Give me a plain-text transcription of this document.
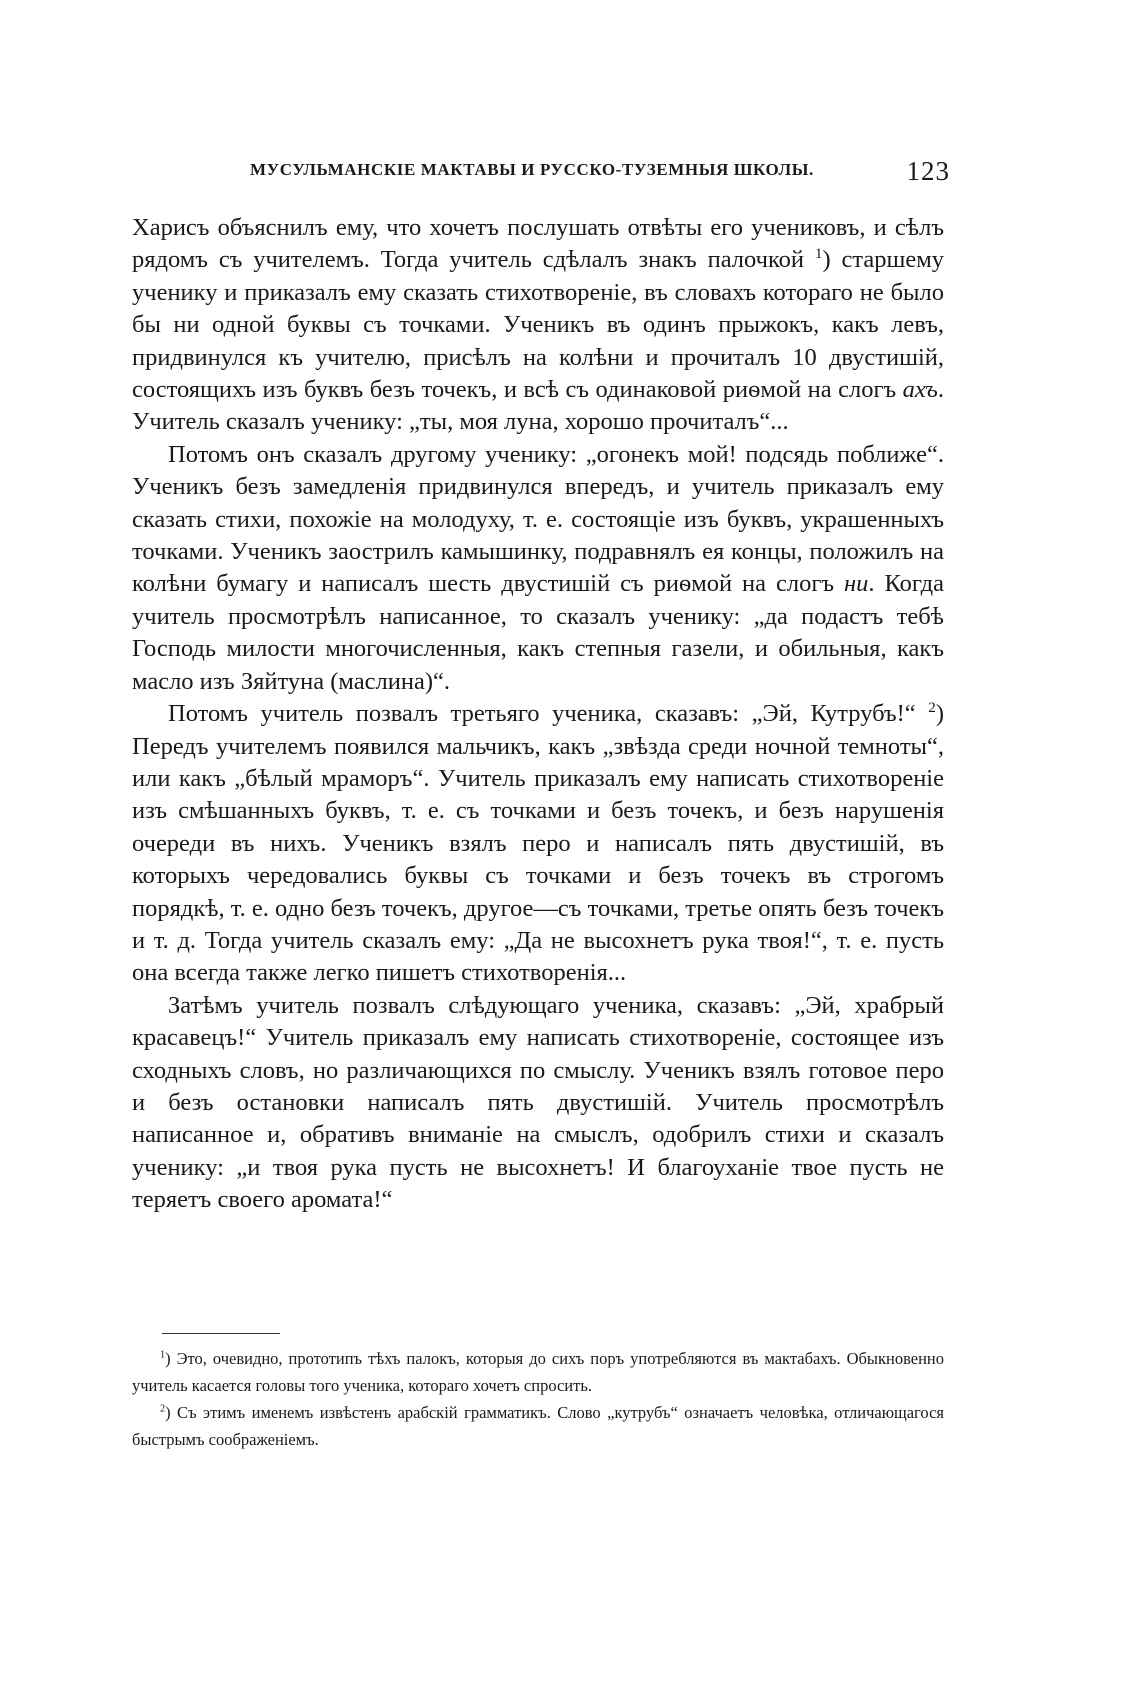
МУСУЛЬМАНСКІЕ МАКТАВЫ И РУССКО-ТУЗЕМНЫЯ ШКОЛЫ.	123

Харисъ объяснилъ ему, что хочетъ послушать отвѣты его учениковъ, и сѣлъ рядомъ съ учителемъ. Тогда учитель сдѣлалъ знакъ палочкой $^1$) старшему ученику и приказалъ ему сказать стихотвореніе, въ словахъ котораго не было бы ни одной буквы съ точками. Ученикъ въ одинъ прыжокъ, какъ левъ, придвинулся къ учителю, присѣлъ на колѣни и прочиталъ 10 двустишій, состоящихъ изъ буквъ безъ точекъ, и всѣ съ одинаковой риѳмой на слогъ ахъ. Учитель сказалъ ученику: „ты, моя луна, хорошо прочиталъ“...

Потомъ онъ сказалъ другому ученику: „огонекъ мой! подсядь поближе“. Ученикъ безъ замедленія придвинулся впередъ, и учитель приказалъ ему сказать стихи, похожіе на молодуху, т. е. состоящіе изъ буквъ, украшенныхъ точками. Ученикъ заострилъ камышинку, подравнялъ ея концы, положилъ на колѣни бумагу и написалъ шесть двустишій съ риѳмой на слогъ ни. Когда учитель просмотрѣлъ написанное, то сказалъ ученику: „да подастъ тебѣ Господь милости многочисленныя, какъ степныя газели, и обильныя, какъ масло изъ Зяйтуна (маслина)“.

Потомъ учитель позвалъ третьяго ученика, сказавъ: „Эй, Кутрубъ!“ $^2$) Передъ учителемъ появился мальчикъ, какъ „звѣзда среди ночной темноты“, или какъ „бѣлый мраморъ“. Учитель приказалъ ему написать стихотвореніе изъ смѣшанныхъ буквъ, т. е. съ точками и безъ точекъ, и безъ нарушенія очереди въ нихъ. Ученикъ взялъ перо и написалъ пять двустишій, въ которыхъ чередовались буквы съ точками и безъ точекъ въ строгомъ порядкѣ, т. е. одно безъ точекъ, другое—съ точками, третье опять безъ точекъ и т. д. Тогда учитель сказалъ ему: „Да не высохнетъ рука твоя!“, т. е. пусть она всегда также легко пишетъ стихотворенія...

Затѣмъ учитель позвалъ слѣдующаго ученика, сказавъ: „Эй, храбрый красавецъ!“ Учитель приказалъ ему написать стихотвореніе, состоящее изъ сходныхъ словъ, но различающихся по смыслу. Ученикъ взялъ готовое перо и безъ остановки написалъ пять двустишій. Учитель просмотрѣлъ написанное и, обративъ вниманіе на смыслъ, одобрилъ стихи и сказалъ ученику: „и твоя рука пусть не высохнетъ! И благоуханіе твое пусть не теряетъ своего аромата!“

$^1$) Это, очевидно, прототипъ тѣхъ палокъ, которыя до сихъ поръ употребляются въ мактабахъ. Обыкновенно учитель касается головы того ученика, котораго хочетъ спросить.

$^2$) Съ этимъ именемъ извѣстенъ арабскій грамматикъ. Слово „кутрубъ“ означаетъ человѣка, отличающагося быстрымъ соображеніемъ.
